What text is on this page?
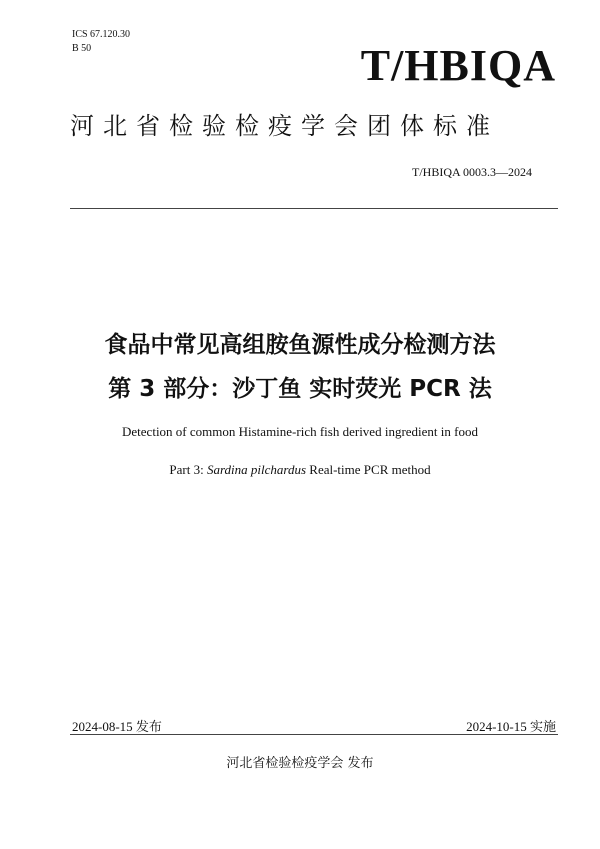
ICS 67.120.30
B 50	T/HBIQA
河北省检验检疫学会团体标准
T/HBIQA 0003.3—2024
食品中常见高组胺鱼源性成分检测方法
第 3 部分：沙丁鱼 实时荧光 PCR 法
Detection of common Histamine-rich fish derived ingredient in food
Part 3: Sardina pilchardus Real-time PCR method
2024-08-15 发布	2024-10-15 实施
河北省检验检疫学会 发布
